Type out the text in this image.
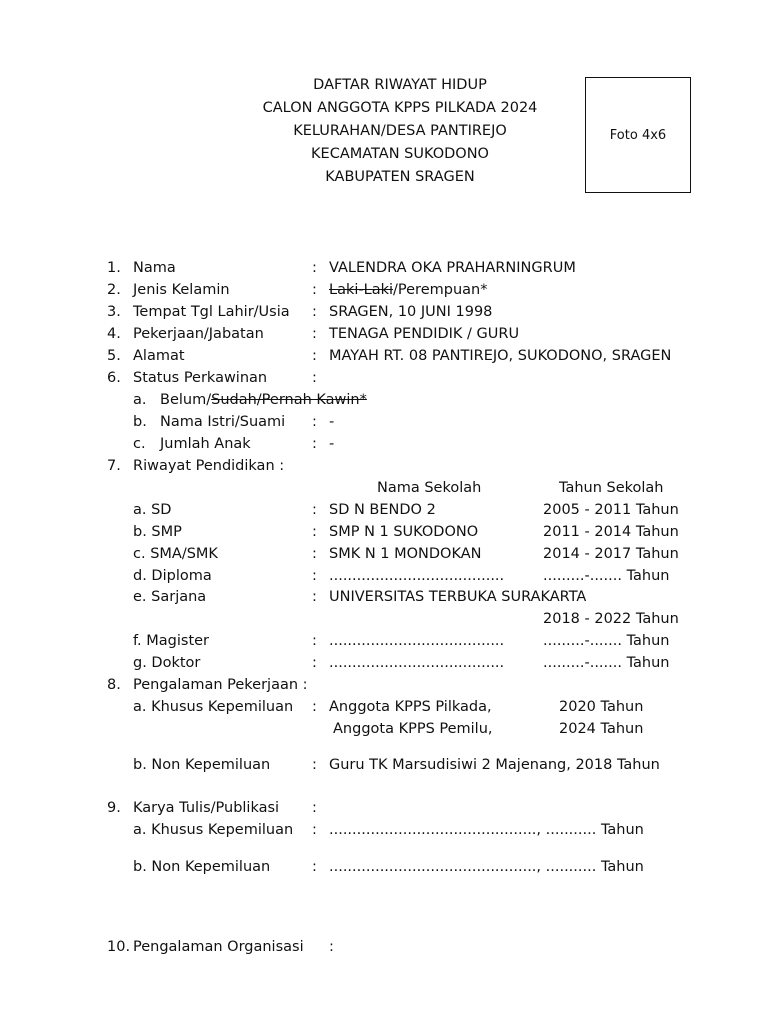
DAFTAR RIWAYAT HIDUP
CALON ANGGOTA KPPS PILKADA 2024
KELURAHAN/DESA PANTIREJO
KECAMATAN SUKODONO
KABUPATEN SRAGEN
Foto 4x6
1. Nama	: VALENDRA OKA PRAHARNINGRUM
2. Jenis Kelamin	: Laki-Laki/Perempuan*
3. Tempat Tgl Lahir/Usia : SRAGEN, 10 JUNI 1998
4. Pekerjaan/Jabatan	: TENAGA PENDIDIK / GURU
5. Alamat	: MAYAH RT. 08 PANTIREJO, SUKODONO, SRAGEN
6. Status Perkawinan	:
a. Belum/Sudah/Pernah Kawin*
b. Nama Istri/Suami : -
c. Jumlah Anak	: -
7. Riwayat Pendidikan :
Nama Sekolah	Tahun Sekolah
a. SD	: SD N BENDO 2	2005 - 2011 Tahun
b. SMP	: SMP N 1 SUKODONO	2011 - 2014 Tahun
c. SMA/SMK	: SMK N 1 MONDOKAN	2014 - 2017 Tahun
d. Diploma	: ......................................	.........-....... Tahun
e. Sarjana	: UNIVERSITAS TERBUKA SURAKARTA
2018 - 2022 Tahun
f. Magister	: ......................................	.........-....... Tahun
g. Doktor	: ......................................	.........-....... Tahun
8. Pengalaman Pekerjaan :
a. Khusus Kepemiluan : Anggota KPPS Pilkada,	2020 Tahun
Anggota KPPS Pemilu,	2024 Tahun
b. Non Kepemiluan	: Guru TK Marsudisiwi 2 Majenang, 2018 Tahun
9. Karya Tulis/Publikasi :
a. Khusus Kepemiluan : ............................................., ........... Tahun
b. Non Kepemiluan	: ............................................., ........... Tahun
10. Pengalaman Organisasi :
